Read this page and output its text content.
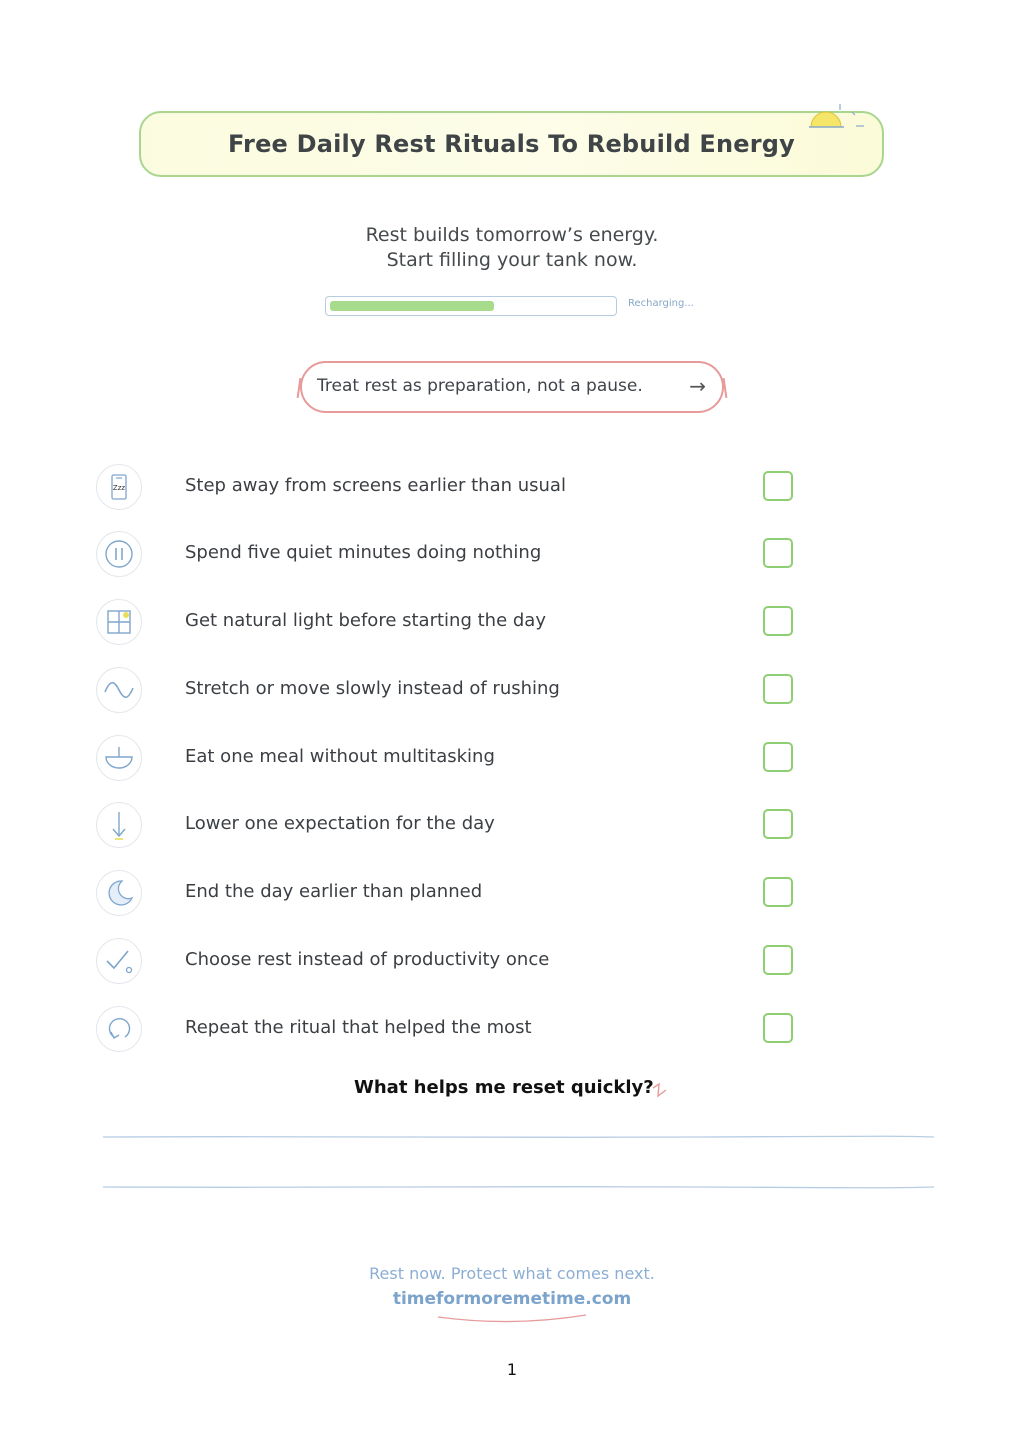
Free Daily Rest Rituals To Rebuild Energy
Rest builds tomorrow’s energy.
Start filling your tank now.
Recharging...
Treat rest as preparation, not a pause. →
Zzz	Step away from screens earlier than usual
Spend five quiet minutes doing nothing
Get natural light before starting the day
Stretch or move slowly instead of rushing
Eat one meal without multitasking
Lower one expectation for the day
End the day earlier than planned
Choose rest instead of productivity once
Repeat the ritual that helped the most
What helps me reset quickly?
Rest now. Protect what comes next.
timeformoremetime.com
1
